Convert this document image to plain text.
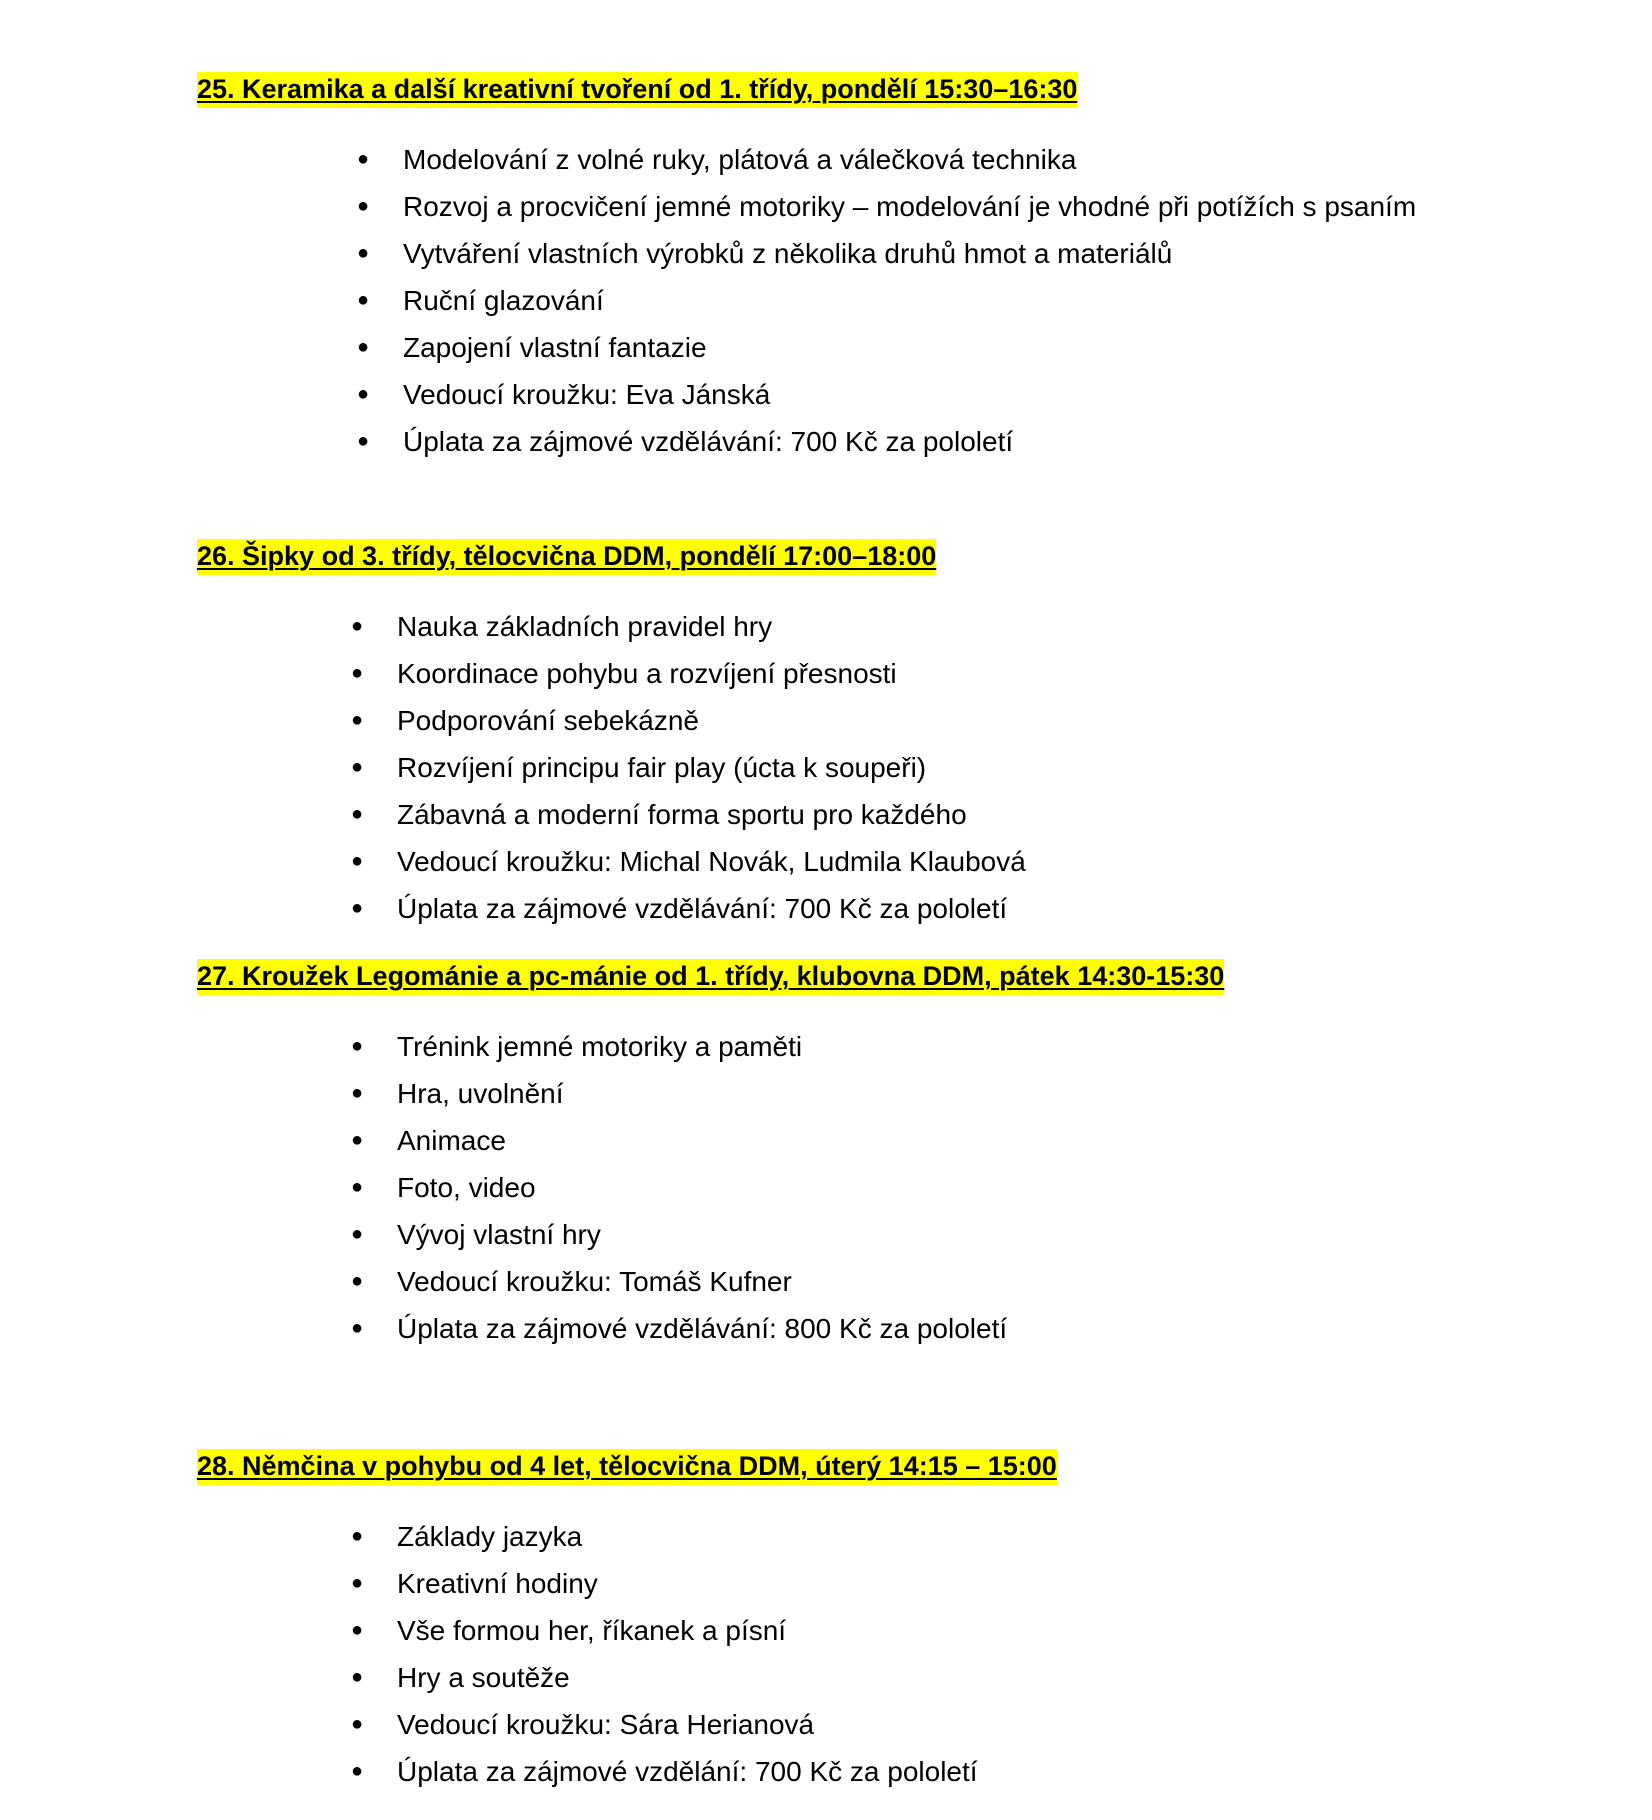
25. Keramika a další kreativní tvoření od 1. třídy, pondělí 15:30–16:30
● Modelování z volné ruky, plátová a válečková technika
● Rozvoj a procvičení jemné motoriky – modelování je vhodné při potížích s psaním
● Vytváření vlastních výrobků z několika druhů hmot a materiálů
● Ruční glazování
● Zapojení vlastní fantazie
● Vedoucí kroužku: Eva Jánská
● Úplata za zájmové vzdělávání: 700 Kč za pololetí
26. Šipky od 3. třídy, tělocvična DDM, pondělí 17:00–18:00
● Nauka základních pravidel hry
● Koordinace pohybu a rozvíjení přesnosti
● Podporování sebekázně
● Rozvíjení principu fair play (úcta k soupeři)
● Zábavná a moderní forma sportu pro každého
● Vedoucí kroužku: Michal Novák, Ludmila Klaubová
● Úplata za zájmové vzdělávání: 700 Kč za pololetí
27. Kroužek Legománie a pc-mánie od 1. třídy, klubovna DDM, pátek 14:30-15:30
● Trénink jemné motoriky a paměti
● Hra, uvolnění
● Animace
● Foto, video
● Vývoj vlastní hry
● Vedoucí kroužku: Tomáš Kufner
● Úplata za zájmové vzdělávání: 800 Kč za pololetí
28. Němčina v pohybu od 4 let, tělocvična DDM, úterý 14:15 – 15:00
● Základy jazyka
● Kreativní hodiny
● Vše formou her, říkanek a písní
● Hry a soutěže
● Vedoucí kroužku: Sára Herianová
● Úplata za zájmové vzdělání: 700 Kč za pololetí
